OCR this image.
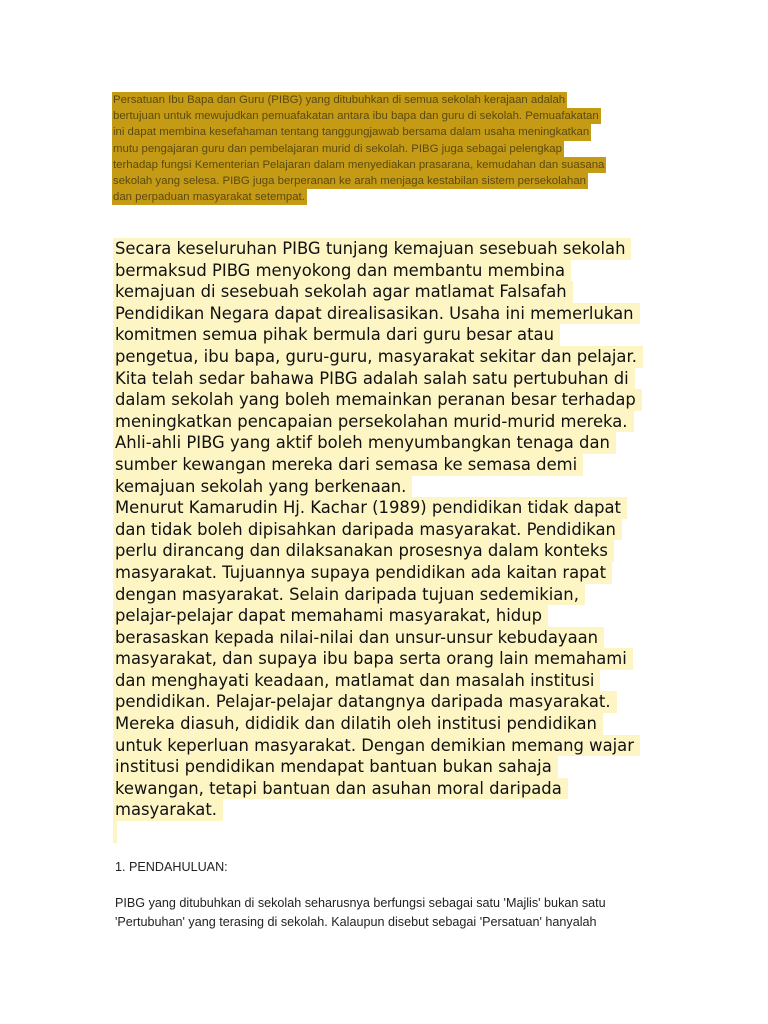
Persatuan Ibu Bapa dan Guru (PIBG) yang ditubuhkan di semua sekolah kerajaan adalah
bertujuan untuk mewujudkan pemuafakatan antara ibu bapa dan guru di sekolah. Pemuafakatan
ini dapat membina kesefahaman tentang tanggungjawab bersama dalam usaha meningkatkan
mutu pengajaran guru dan pembelajaran murid di sekolah. PIBG juga sebagai pelengkap
terhadap fungsi Kementerian Pelajaran dalam menyediakan prasarana, kemudahan dan suasana
sekolah yang selesa. PIBG juga berperanan ke arah menjaga kestabilan sistem persekolahan
dan perpaduan masyarakat setempat.
Secara keseluruhan PIBG tunjang kemajuan sesebuah sekolah
bermaksud PIBG menyokong dan membantu membina
kemajuan di sesebuah sekolah agar matlamat Falsafah
Pendidikan Negara dapat direalisasikan. Usaha ini memerlukan
komitmen semua pihak bermula dari guru besar atau
pengetua, ibu bapa, guru-guru, masyarakat sekitar dan pelajar.
Kita telah sedar bahawa PIBG adalah salah satu pertubuhan di
dalam sekolah yang boleh memainkan peranan besar terhadap
meningkatkan pencapaian persekolahan murid-murid mereka.
Ahli-ahli PIBG yang aktif boleh menyumbangkan tenaga dan
sumber kewangan mereka dari semasa ke semasa demi
kemajuan sekolah yang berkenaan.
Menurut Kamarudin Hj. Kachar (1989) pendidikan tidak dapat
dan tidak boleh dipisahkan daripada masyarakat. Pendidikan
perlu dirancang dan dilaksanakan prosesnya dalam konteks
masyarakat. Tujuannya supaya pendidikan ada kaitan rapat
dengan masyarakat. Selain daripada tujuan sedemikian,
pelajar-pelajar dapat memahami masyarakat, hidup
berasaskan kepada nilai-nilai dan unsur-unsur kebudayaan
masyarakat, dan supaya ibu bapa serta orang lain memahami
dan menghayati keadaan, matlamat dan masalah institusi
pendidikan. Pelajar-pelajar datangnya daripada masyarakat.
Mereka diasuh, dididik dan dilatih oleh institusi pendidikan
untuk keperluan masyarakat. Dengan demikian memang wajar
institusi pendidikan mendapat bantuan bukan sahaja
kewangan, tetapi bantuan dan asuhan moral daripada
masyarakat.
1. PENDAHULUAN:
PIBG yang ditubuhkan di sekolah seharusnya berfungsi sebagai satu 'Majlis' bukan satu
'Pertubuhan' yang terasing di sekolah. Kalaupun disebut sebagai 'Persatuan' hanyalah
